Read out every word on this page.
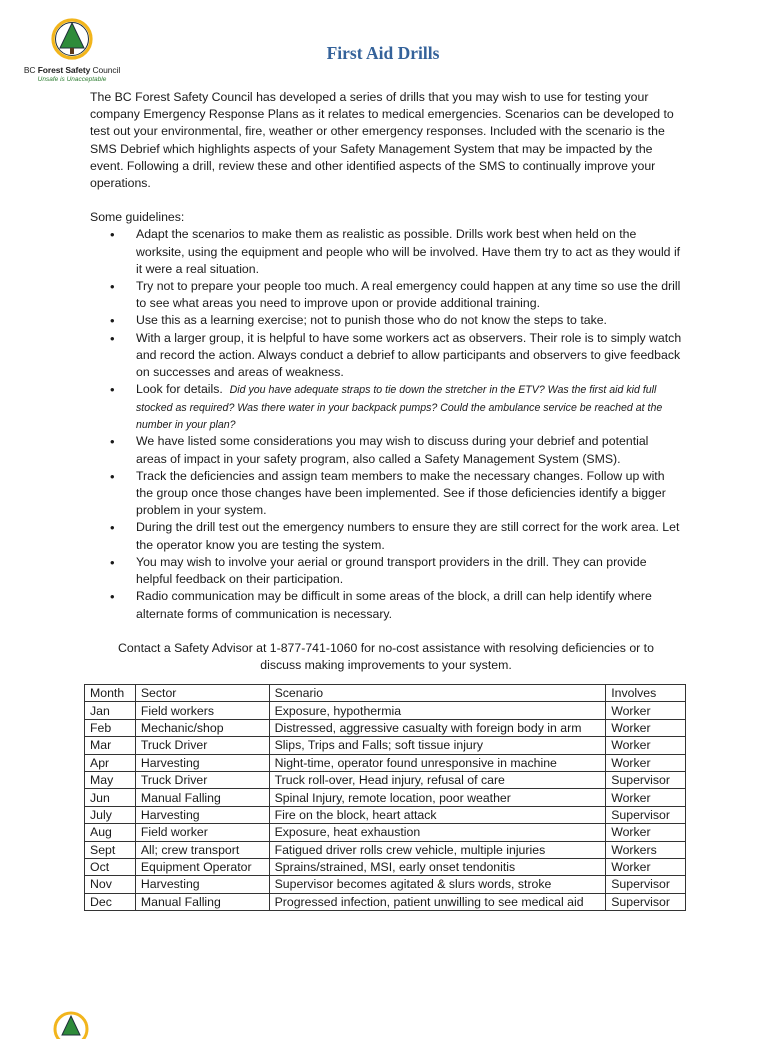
BC Forest Safety Council
Unsafe is Unacceptable
First Aid Drills

The BC Forest Safety Council has developed a series of drills that you may wish to use for testing your company Emergency Response Plans as it relates to medical emergencies. Scenarios can be developed to test out your environmental, fire, weather or other emergency responses. Included with the scenario is the SMS Debrief which highlights aspects of your Safety Management System that may be impacted by the event. Following a drill, review these and other identified aspects of the SMS to continually improve your operations.

Some guidelines:

• Adapt the scenarios to make them as realistic as possible. Drills work best when held on the worksite, using the equipment and people who will be involved. Have them try to act as they would if it were a real situation.
• Try not to prepare your people too much. A real emergency could happen at any time so use the drill to see what areas you need to improve upon or provide additional training.
• Use this as a learning exercise; not to punish those who do not know the steps to take.
• With a larger group, it is helpful to have some workers act as observers. Their role is to simply watch and record the action. Always conduct a debrief to allow participants and observers to give feedback on successes and areas of weakness.
• Look for details. Did you have adequate straps to tie down the stretcher in the ETV? Was the first aid kid full stocked as required? Was there water in your backpack pumps? Could the ambulance service be reached at the number in your plan?
• We have listed some considerations you may wish to discuss during your debrief and potential areas of impact in your safety program, also called a Safety Management System (SMS).
• Track the deficiencies and assign team members to make the necessary changes. Follow up with the group once those changes have been implemented. See if those deficiencies identify a bigger problem in your system.
• During the drill test out the emergency numbers to ensure they are still correct for the work area. Let the operator know you are testing the system.
• You may wish to involve your aerial or ground transport providers in the drill. They can provide helpful feedback on their participation.
• Radio communication may be difficult in some areas of the block, a drill can help identify where alternate forms of communication is necessary.

Contact a Safety Advisor at 1-877-741-1060 for no-cost assistance with resolving deficiencies or to discuss making improvements to your system.

Month	Sector	Scenario	Involves
Jan	Field workers	Exposure, hypothermia	Worker
Feb	Mechanic/shop	Distressed, aggressive casualty with foreign body in arm	Worker
Mar	Truck Driver	Slips, Trips and Falls; soft tissue injury	Worker
Apr	Harvesting	Night-time, operator found unresponsive in machine	Worker
May	Truck Driver	Truck roll-over, Head injury, refusal of care	Supervisor
Jun	Manual Falling	Spinal Injury, remote location, poor weather	Worker
July	Harvesting	Fire on the block, heart attack	Supervisor
Aug	Field worker	Exposure, heat exhaustion	Worker
Sept	All; crew transport	Fatigued driver rolls crew vehicle, multiple injuries	Workers
Oct	Equipment Operator	Sprains/strained, MSI, early onset tendonitis	Worker
Nov	Harvesting	Supervisor becomes agitated & slurs words, stroke	Supervisor
Dec	Manual Falling	Progressed infection, patient unwilling to see medical aid	Supervisor
